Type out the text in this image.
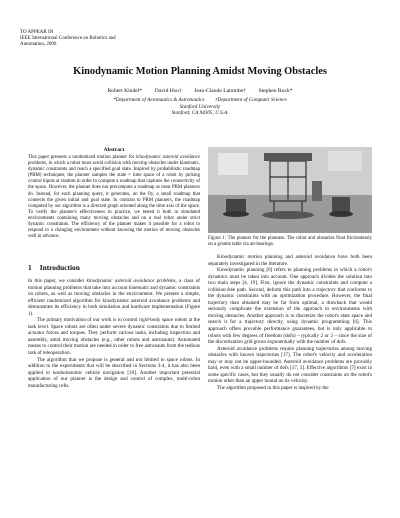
TO APPEAR IN
IEEE International Conference on Robotics and
Automation, 2000
Kinodynamic Motion Planning Amidst Moving Obstacles
Robert Kindel*   David Hsu†   Jean-Claude Latombe†   Stephen Rock*
*Department of Aeronautics & Astronautics        †Department of Computer Science
Stanford University
Stanford, CA 94305, U.S.A.
Abstract

This paper presents a randomized motion planner for kinodynamic asteroid avoidance problems, in which a robot must avoid collision with moving obstacles under kinematic, dynamic constraints and reach a specified goal state. Inspired by probabilistic roadmap (PRM) techniques, the planner samples the state × time space of a robot by picking control inputs at random in order to compute a roadmap that captures the connectivity of the space. However, the planner does not precompute a roadmap as most PRM planners do. Instead, for each planning query, it generates, on the fly, a small roadmap that connects the given initial and goal state. In contrast to PRM planners, the roadmap computed by our algorithm is a directed graph oriented along the time axis of the space. To verify the planner's effectiveness in practice, we tested it both in simulated environments containing many moving obstacles and on a real robot under strict dynamic constraints. The efficiency of the planner makes it possible for a robot to respond to a changing environment without knowing the motion of moving obstacles well in advance.

1 Introduction

In this paper, we consider kinodynamic asteroid avoidance problems, a class of motion planning problems that take into account kinematic and dynamic constraints on robots, as well as moving obstacles in the environment. We present a simple, efficient randomized algorithm for kinodynamic asteroid avoidance problems and demonstrate its efficiency in both simulation and hardware implementation (Figure 1).

The primary motivation of our work is to control rigid-body space robots at the task level. Space robots are often under severe dynamic constraints due to limited actuator forces and torques. They perform various tasks, including inspection and assembly, amid moving obstacles (e.g., other robots and astronauts). Automated means to control their motion are needed in order to free astronauts from the tedious task of teleoperation.

The algorithm that we propose is general and not limited to space robots. In addition to the experiments that will be described in Sections 3-4, it has also been applied to nonholonomic vehicle navigation [10]. Another important potential application of our planner is the design and control of complex, multi-robot manufacturing cells.

Figure 1: The planner for the planners. The robot and obstacles float frictionlessly on a granite table via air-bearings.

Kinodynamic motion planning and asteroid avoidance have both been separately investigated in the literature.

Kinodynamic planning [6] refers to planning problems in which a robot's dynamics must be taken into account. One approach divides the solution into two main steps [4, 19]. First, ignore the dynamic constraints and compute a collision-free path. Second, deform this path into a trajectory that conforms to the dynamic constraints with an optimization procedure. However, the final trajectory than obtained may be far from optimal, a drawback that would seriously complicate the extension of the approach to environments with moving obstacles. Another approach is to discretize the robot's state space and search it for a trajectory directly, using dynamic programming [6]. This approach offers provable performance guarantees, but is only applicable to robots with few degrees of freedom (dofs) – typically 2 or 3 – since the size of the discretization grid grows exponentially with the number of dofs.

Asteroid avoidance problems require planning trajectories among moving obstacles with known trajectories [17]. The robot's velocity and acceleration may or may not be upper-bounded. Asteroid avoidance problems are provably hard, even with a small number of dofs [17, 3]. Effective algorithms [7] exist in some specific cases, but they usually do not consider constraints on the robot's motion other than an upper bound on its velocity.

The algorithm proposed in this paper is inspired by the
